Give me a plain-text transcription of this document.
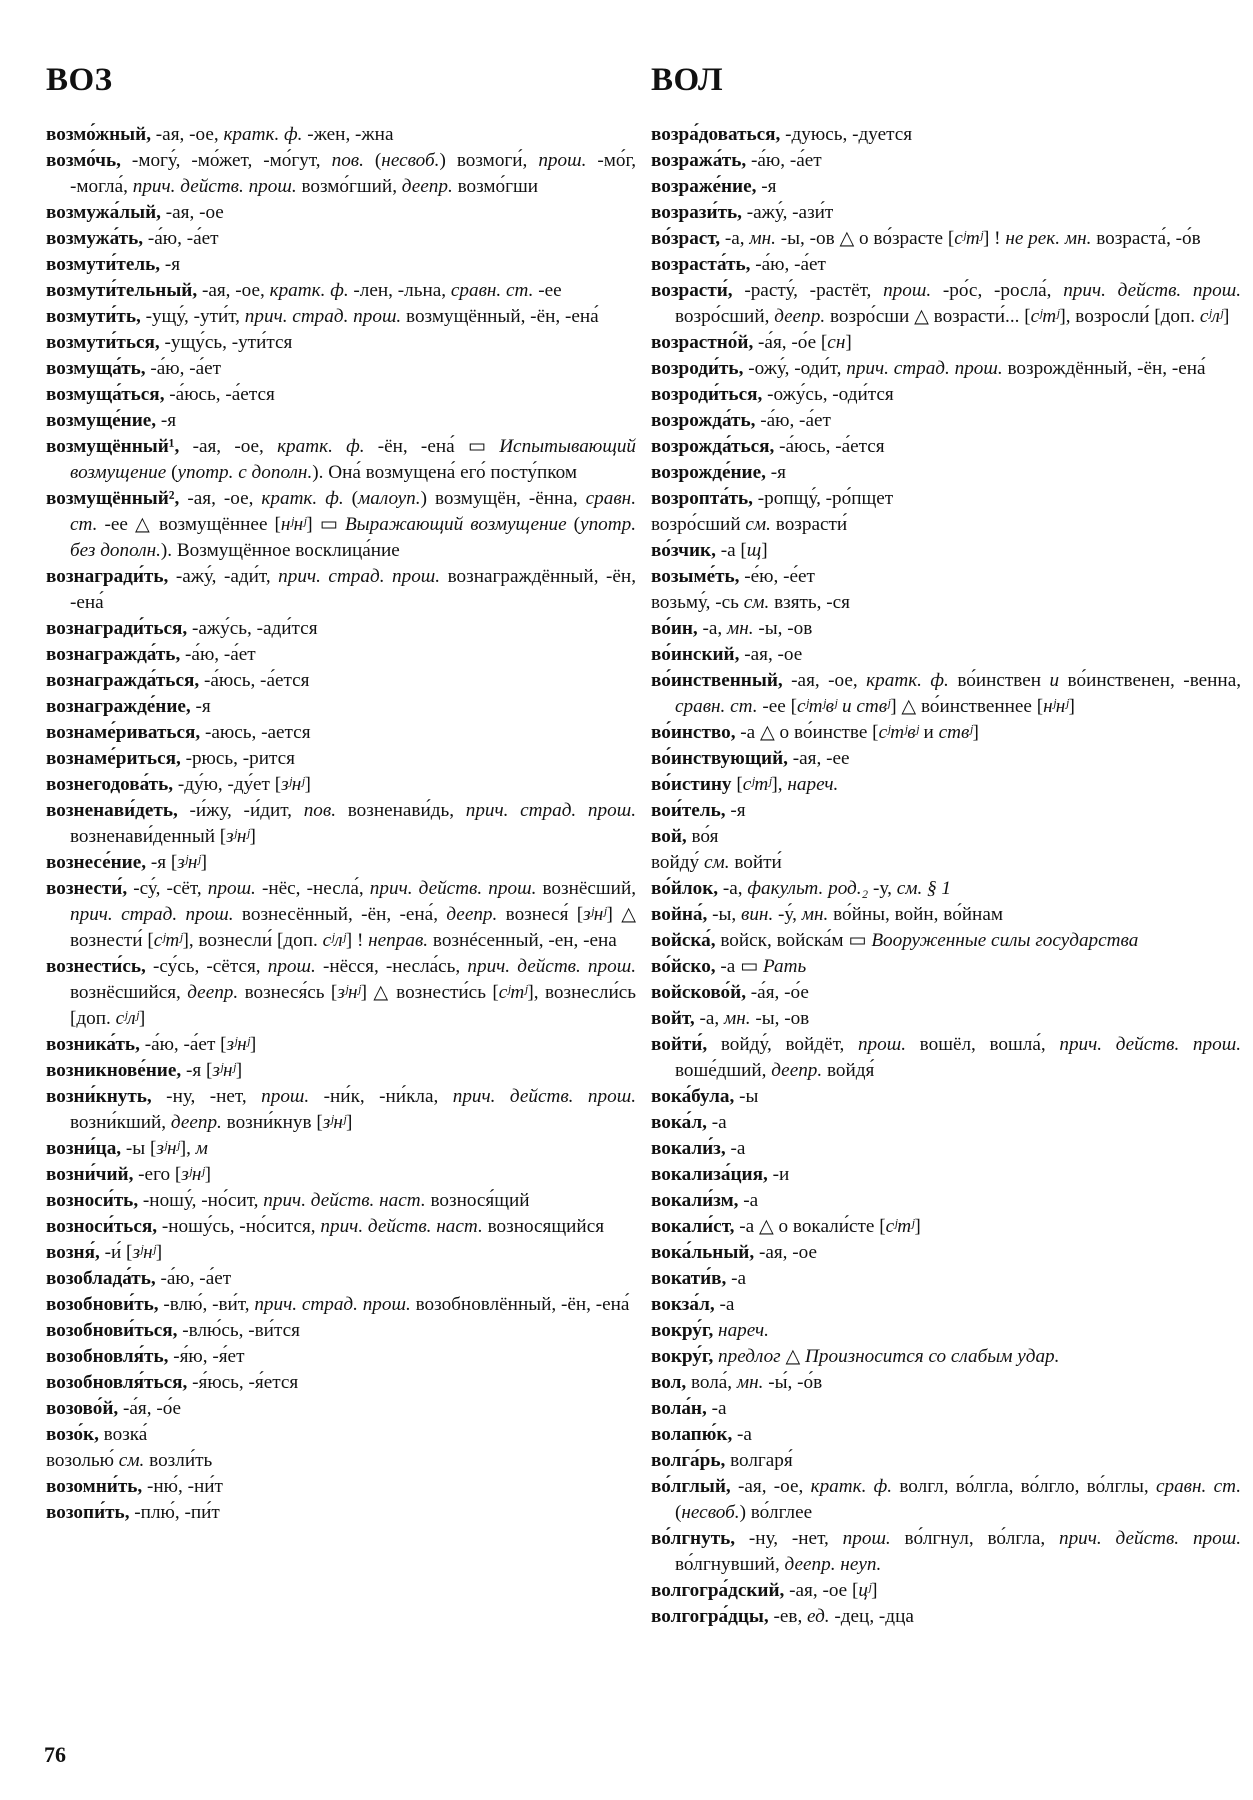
ВОЗ
возмо́жный, -ая, -ое, кратк. ф. -жен, -жна
возмо́чь, -могу́, -мо́жет, -мо́гут, пов. (несвоб.) возмоги́, прош. -мо́г, -могла́, прич. действ. прош. возмо́гший, деепр. возмо́гши
возмужа́лый, -ая, -ое
возмужа́ть, -а́ю, -а́ет
возмути́тель, -я
возмути́тельный, -ая, -ое, кратк. ф. -лен, -льна, сравн. ст. -ее
возмути́ть, -ущу́, -ути́т, прич. страд. прош. возмущённый, -ён, -ена́
возмути́ться, -ущу́сь, -ути́тся
возмуща́ть, -а́ю, -а́ет
возмуща́ться, -а́юсь, -а́ется
возмуще́ние, -я
возмущённый¹, -ая, -ое, кратк. ф. -ён, -ена́ ▭ Испытывающий возмущение (употр. с дополн.). Она́ возмущена́ его́ посту́пком
возмущённый², -ая, -ое, кратк. ф. (малоуп.) возмущён, -ённа, сравн. ст. -ее △ возмущённее [нʲнʲ] ▭ Выражающий возмущение (употр. без дополн.). Возмущённое восклица́ние
вознагради́ть, -ажу́, -ади́т, прич. страд. прош. вознаграждённый, -ён, -ена́
вознагради́ться, -ажу́сь, -ади́тся
вознагражда́ть, -а́ю, -а́ет
вознагражда́ться, -а́юсь, -а́ется
вознагражде́ние, -я
вознаме́риваться, -аюсь, -ается
вознаме́риться, -рюсь, -рится
вознегодова́ть, -ду́ю, -ду́ет [зʲнʲ]
возненави́деть, -и́жу, -и́дит, пов. возненави́дь, прич. страд. прош. возненави́денный [зʲнʲ]
вознесе́ние, -я [зʲнʲ]
вознести́, -су́, -сёт, прош. -нёс, -несла́, прич. действ. прош. вознёсший, прич. страд. прош. вознесённый, -ён, -ена́, деепр. вознеся́ [зʲнʲ] △ вознести́ [сʲтʲ], вознесли́ [доп. сʲлʲ] ! неправ. вознéсенный, -ен, -ена
вознести́сь, -су́сь, -сётся, прош. -нёсся, -несла́сь, прич. действ. прош. вознёсшийся, деепр. вознеся́сь [зʲнʲ] △ вознести́сь [сʲтʲ], вознесли́сь [доп. сʲлʲ]
возника́ть, -а́ю, -а́ет [зʲнʲ]
возникнове́ние, -я [зʲнʲ]
возни́кнуть, -ну, -нет, прош. -ни́к, -ни́кла, прич. действ. прош. возни́кший, деепр. возни́кнув [зʲнʲ]
возни́ца, -ы [зʲнʲ], м
возни́чий, -его [зʲнʲ]
возноси́ть, -ношу́, -но́сит, прич. действ. наст. вознося́щий
возноси́ться, -ношу́сь, -но́сится, прич. действ. наст. возносящийся
возня́, -и́ [зʲнʲ]
возоблада́ть, -а́ю, -а́ет
возобнови́ть, -влю́, -ви́т, прич. страд. прош. возобновлённый, -ён, -ена́
возобнови́ться, -влю́сь, -ви́тся
возобновля́ть, -я́ю, -я́ет
возобновля́ться, -я́юсь, -я́ется
возово́й, -а́я, -о́е
возо́к, возка́
возолью́ см. возли́ть
возомни́ть, -ню́, -ни́т
возопи́ть, -плю́, -пи́т
ВОЛ
возра́доваться, -дуюсь, -дуется
возража́ть, -а́ю, -а́ет
возраже́ние, -я
возрази́ть, -ажу́, -ази́т
во́зраст, -а, мн. -ы, -ов △ о во́зрасте [сʲтʲ] ! не рек. мн. возраста́, -о́в
возраста́ть, -а́ю, -а́ет
возрасти́, -расту́, -растёт, прош. -ро́с, -росла́, прич. действ. прош. возро́сший, деепр. возро́сши △ возрасти́... [сʲтʲ], возросли́ [доп. сʲлʲ]
возрастно́й, -а́я, -о́е [сн]
возроди́ть, -ожу́, -оди́т, прич. страд. прош. возрождённый, -ён, -ена́
возроди́ться, -ожу́сь, -оди́тся
возрожда́ть, -а́ю, -а́ет
возрожда́ться, -а́юсь, -а́ется
возрожде́ние, -я
возропта́ть, -ропщу́, -ро́пщет
возро́сший см. возрасти́
во́зчик, -а [щ]
возыме́ть, -е́ю, -е́ет
возьму́, -сь см. взять, -ся
во́ин, -а, мн. -ы, -ов
во́инский, -ая, -ое
во́инственный, -ая, -ое, кратк. ф. во́инствен и во́инственен, -венна, сравн. ст. -ее [сʲтʲвʲ и ствʲ] △ во́инственнее [нʲнʲ]
во́инство, -а △ о во́инстве [сʲтʲвʲ и ствʲ]
во́инствующий, -ая, -ее
во́истину [сʲтʲ], нареч.
вои́тель, -я
вой, во́я
войду́ см. войти́
во́йлок, -а, факульт. род.₂ -у, см. § 1
война́, -ы, вин. -у́, мн. во́йны, войн, во́йнам
войска́, войск, войска́м ▭ Вооруженные силы государства
во́йско, -а ▭ Рать
войсково́й, -а́я, -о́е
войт, -а, мн. -ы, -ов
войти́, войду́, войдёт, прош. вошёл, вошла́, прич. действ. прош. воше́дший, деепр. войдя́
вока́була, -ы
вока́л, -а
вокали́з, -а
вокализа́ция, -и
вокали́зм, -а
вокали́ст, -а △ о вокали́сте [сʲтʲ]
вока́льный, -ая, -ое
вокати́в, -а
вокза́л, -а
вокру́г, нареч.
вокру́г, предлог △ Произносится со слабым удар.
вол, вола́, мн. -ы́, -о́в
вола́н, -а
волапю́к, -а
волга́рь, волгаря́
во́лглый, -ая, -ое, кратк. ф. волгл, во́лгла, во́лгло, во́лглы, сравн. ст. (несвоб.) во́лглее
во́лгнуть, -ну, -нет, прош. во́лгнул, во́лгла, прич. действ. прош. во́лгнувший, деепр. неуп.
волгогра́дский, -ая, -ое [цʲ]
волгогра́дцы, -ев, ед. -дец, -дца
76
